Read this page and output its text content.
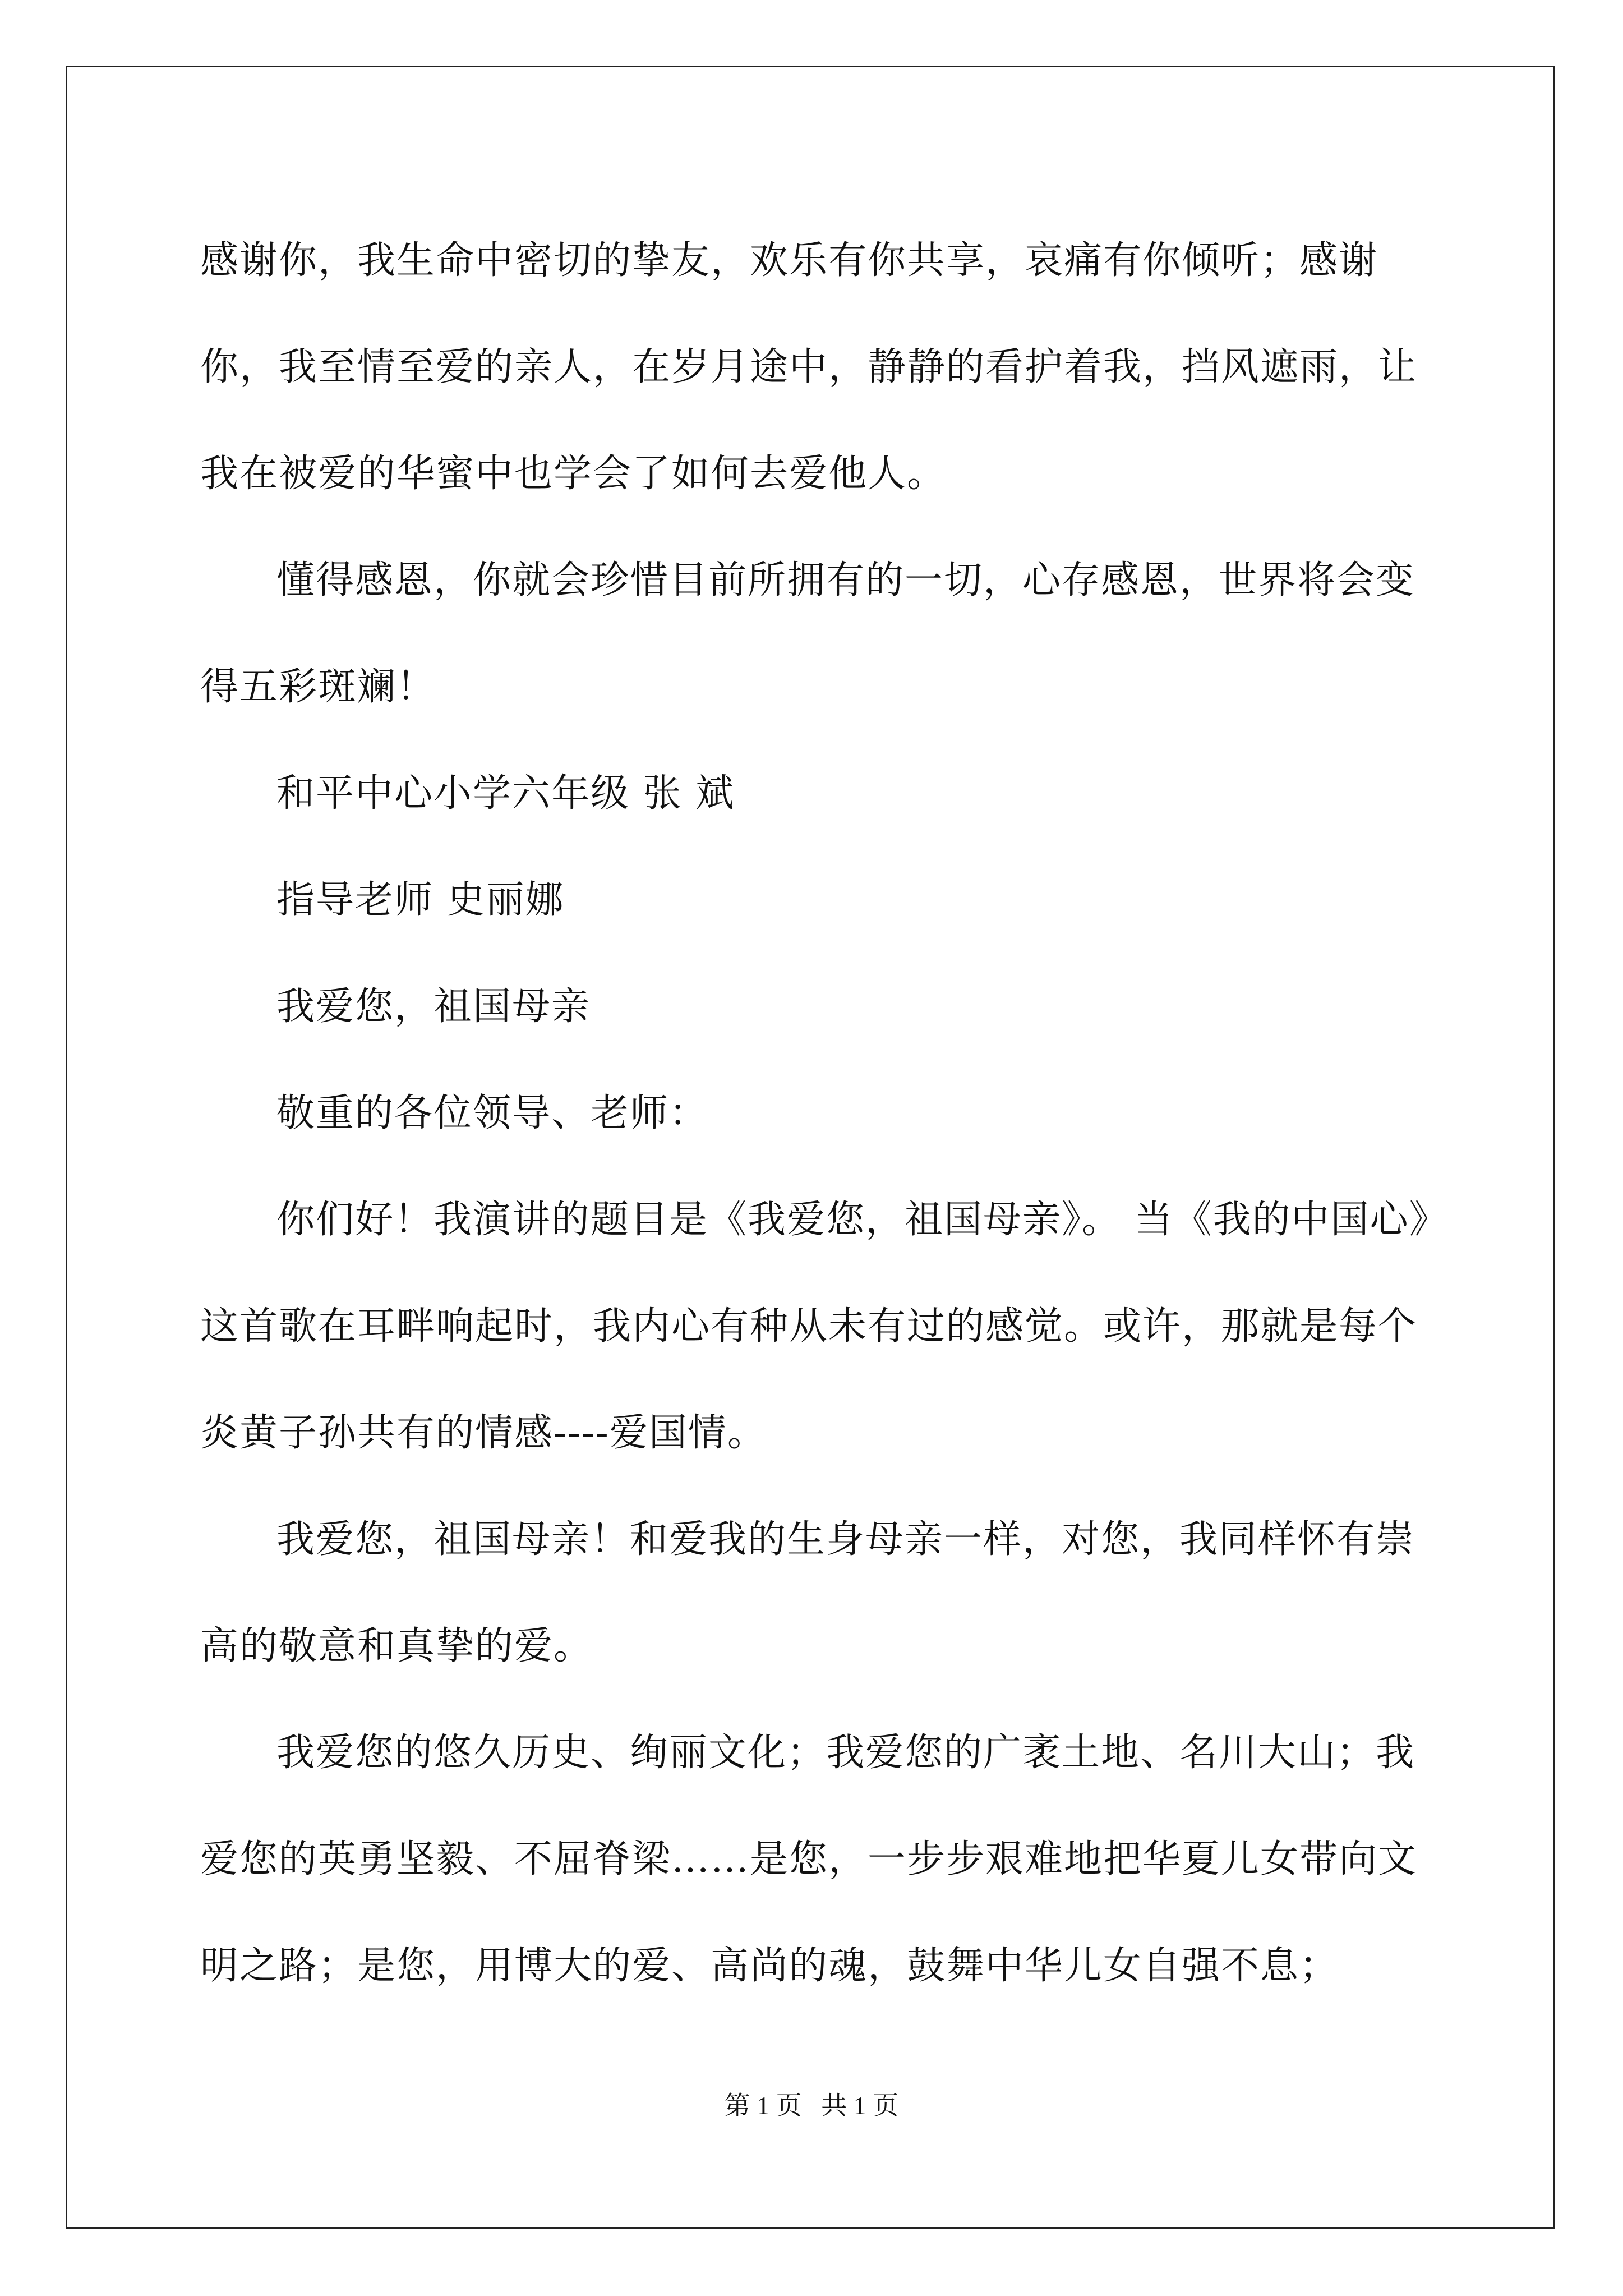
感谢你，我生命中密切的挚友，欢乐有你共享，哀痛有你倾听；感谢你，我至情至爱的亲人，在岁月途中，静静的看护着我，挡风遮雨，让我在被爱的华蜜中也学会了如何去爱他人。

懂得感恩，你就会珍惜目前所拥有的一切，心存感恩，世界将会变得五彩斑斓！

和平中心小学六年级 张 斌

指导老师 史丽娜

我爱您，祖国母亲

敬重的各位领导、老师：

你们好！我演讲的题目是《我爱您，祖国母亲》。 当《我的中国心》这首歌在耳畔响起时，我内心有种从未有过的感觉。或许，那就是每个炎黄子孙共有的情感----爱国情。

我爱您，祖国母亲！和爱我的生身母亲一样，对您，我同样怀有崇高的敬意和真挚的爱。

我爱您的悠久历史、绚丽文化；我爱您的广袤土地、名川大山；我爱您的英勇坚毅、不屈脊梁……是您，一步步艰难地把华夏儿女带向文明之路；是您，用博大的爱、高尚的魂，鼓舞中华儿女自强不息；

第 1 页 共 1 页
